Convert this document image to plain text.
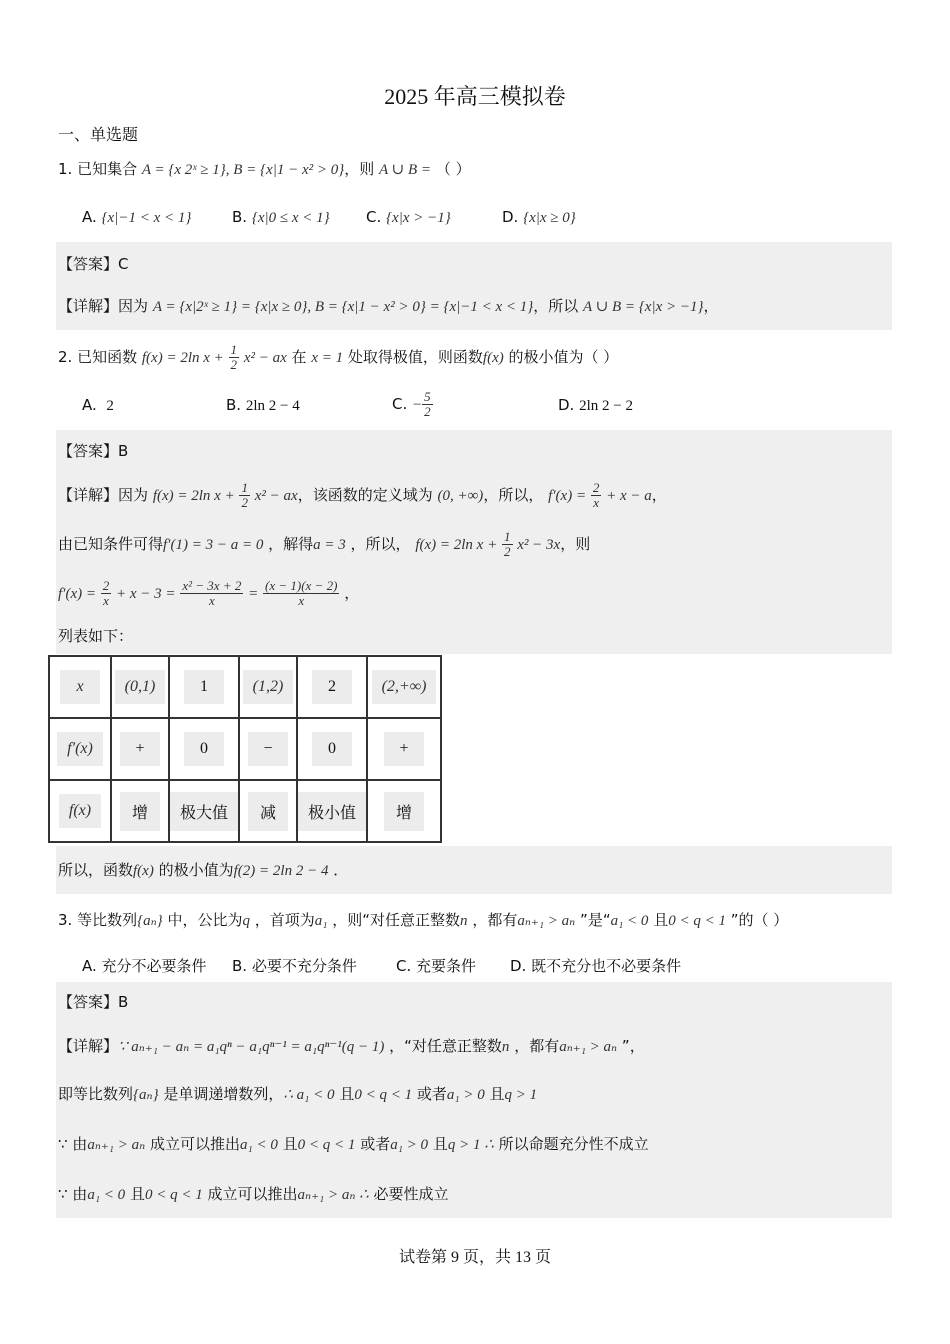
2025 年高三模拟卷
一、单选题
1. 已知集合 A = {x 2ˣ ≥ 1}, B = {x|1 − x² > 0}，则 A ∪ B = （ ）
A. {x|−1 < x < 1}	B. {x|0 ≤ x < 1} C. {x|x > −1}	D. {x|x ≥ 0}
【答案】C
【详解】因为 A = {x|2ˣ ≥ 1} = {x|x ≥ 0}, B = {x|1 − x² > 0} = {x|−1 < x < 1}，所以 A ∪ B = {x|x > −1}，
2. 已知函数 f(x) = 2ln $x + \frac{1}{2} x^2$ − ax 在 x = 1 处取得极值，则函数f(x) 的极小值为（ ）
A. 2	B. 2ln 2 − 4	C. − $\frac{5}{2}$	D. 2ln 2 − 2
【答案】B
【详解】因为 f(x) = 2ln $x + \frac{1}{2} x^2$ − ax，该函数的定义域为 (0, +∞)，所以， $f'(x) = \frac{2}{x} + x - a$，
由已知条件可得f′(1) = 3 − a = 0 ，解得a = 3 ，所以， f(x) = 2ln $x + \frac{1}{2} x^2 - 3x$，则
$f'(x) = \frac{2}{x} + x - 3 = \frac{\text{x² − 3x + 2}}{x} = \frac{(x - 1)(x - 2)}{x}$ ，
列表如下：
x	(0,1)	1	(1,2)	2	(2,+∞)
f′(x)	+	0	−	0	+
f(x)	增	极大值	减	极小值	增
所以，函数f(x) 的极小值为f(2) = 2ln 2 − 4 ．
3. 等比数列{aₙ} 中，公比为q ，首项为a₁ ，则“对任意正整数n ，都有aₙ₊₁ > aₙ ”是“a₁ < 0 且0 < q < 1 ”的（ ）
A. 充分不必要条件 B. 必要不充分条件	C. 充要条件 D. 既不充分也不必要条件
【答案】B
【详解】∵ aₙ₊₁ − aₙ = a₁qⁿ − a₁qⁿ⁻¹ = a₁qⁿ⁻¹(q − 1) ，“对任意正整数n ，都有aₙ₊₁ > aₙ ”，
即等比数列{aₙ} 是单调递增数列，∴ a₁ < 0 且0 < q < 1 或者a₁ > 0 且q > 1
∵ 由aₙ₊₁ > aₙ 成立可以推出a₁ < 0 且0 < q < 1 或者a₁ > 0 且q > 1 ∴ 所以命题充分性不成立
∵ 由a₁ < 0 且0 < q < 1 成立可以推出aₙ₊₁ > aₙ ∴ 必要性成立
试卷第 9 页，共 13 页
